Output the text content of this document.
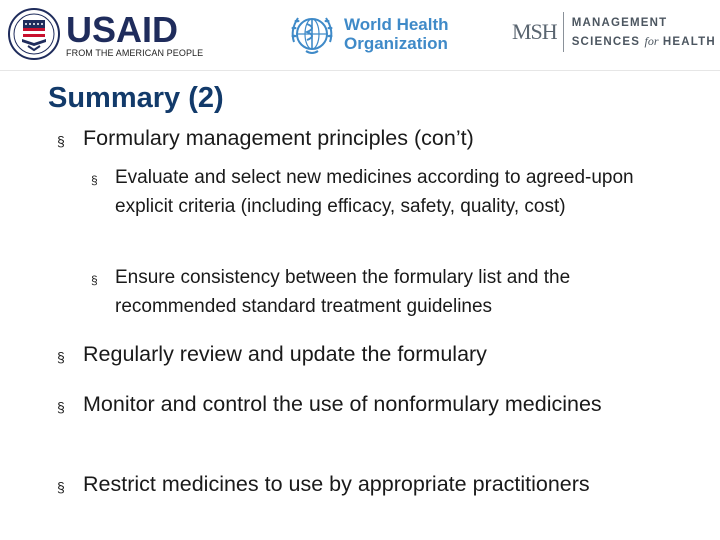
USAID
FROM THE AMERICAN PEOPLE
World Health
Organization	MSH MANAGEMENT
SCIENCES for HEALTH
Summary (2)
§ Formulary management principles (con’t)
§ Evaluate and select new medicines according to agreed-upon explicit criteria (including efficacy, safety, quality, cost)
§ Ensure consistency between the formulary list and the recommended standard treatment guidelines
§ Regularly review and update the formulary
§ Monitor and control the use of nonformulary medicines
§ Restrict medicines to use by appropriate practitioners
